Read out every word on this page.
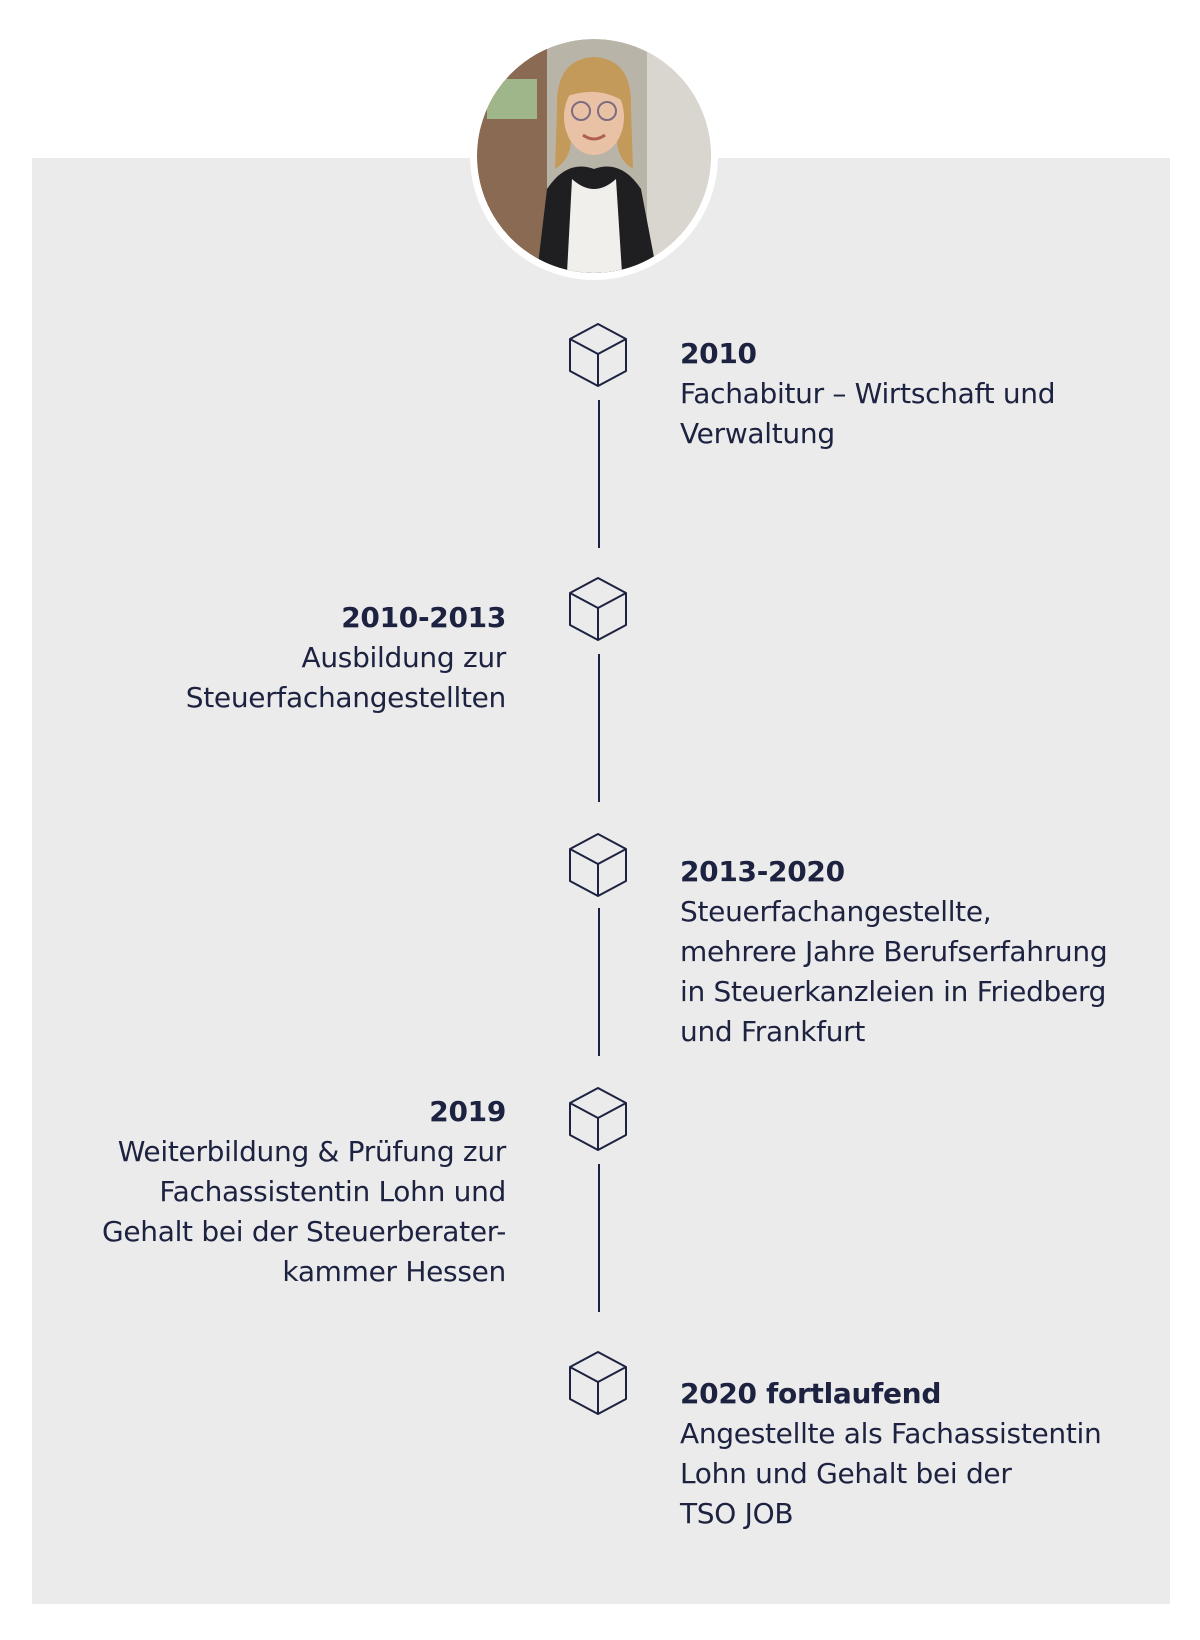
2010
Fachabitur – Wirtschaft und
Verwaltung
2010-2013
Ausbildung zur
Steuerfachangestellten
2013-2020
Steuerfachangestellte,
mehrere Jahre Berufserfahrung
in Steuerkanzleien in Friedberg
und Frankfurt
2019
Weiterbildung & Prüfung zur
Fachassistentin Lohn und
Gehalt bei der Steuerberater-
kammer Hessen
2020 fortlaufend
Angestellte als Fachassistentin
Lohn und Gehalt bei der
TSO JOB
